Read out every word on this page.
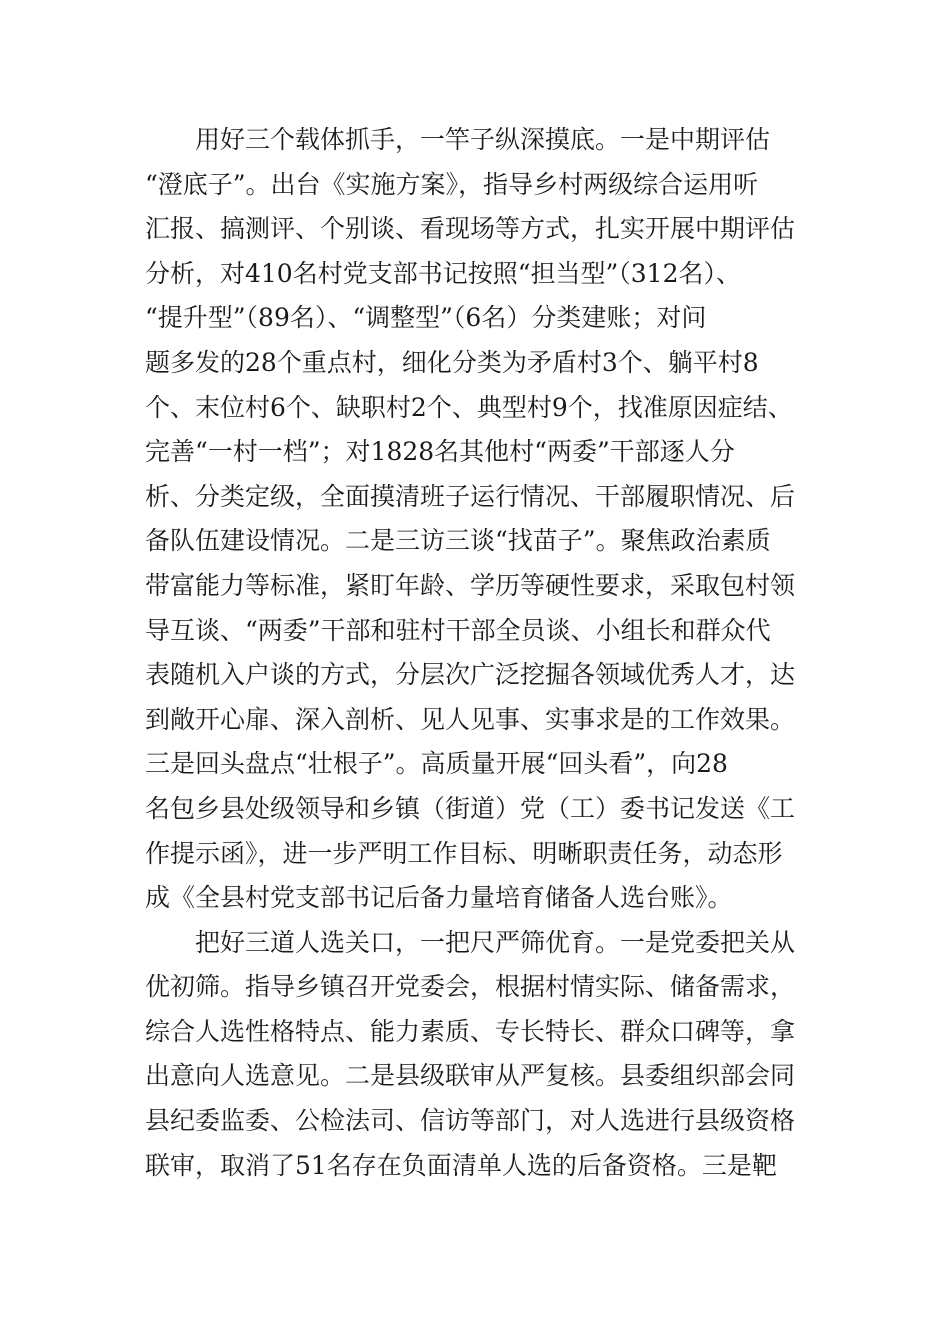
用好三个载体抓手，一竿子纵深摸底。一是中期评估
“澄底子”。出台《实施方案》，指导乡村两级综合运用听
汇报、搞测评、个别谈、看现场等方式，扎实开展中期评估
分析，对410名村党支部书记按照“担当型”（312名）、
“提升型”（89名）、“调整型”（6名）分类建账；对问
题多发的28个重点村，细化分类为矛盾村3个、躺平村8
个、末位村6个、缺职村2个、典型村9个，找准原因症结、
完善“一村一档”；对1828名其他村“两委”干部逐人分
析、分类定级，全面摸清班子运行情况、干部履职情况、后
备队伍建设情况。二是三访三谈“找苗子”。聚焦政治素质
带富能力等标准，紧盯年龄、学历等硬性要求，采取包村领
导互谈、“两委”干部和驻村干部全员谈、小组长和群众代
表随机入户谈的方式，分层次广泛挖掘各领域优秀人才，达
到敞开心扉、深入剖析、见人见事、实事求是的工作效果。
三是回头盘点“壮根子”。高质量开展“回头看”，向28
名包乡县处级领导和乡镇（街道）党（工）委书记发送《工
作提示函》，进一步严明工作目标、明晰职责任务，动态形
成《全县村党支部书记后备力量培育储备人选台账》。
把好三道人选关口，一把尺严筛优育。一是党委把关从
优初筛。指导乡镇召开党委会，根据村情实际、储备需求，
综合人选性格特点、能力素质、专长特长、群众口碑等，拿
出意向人选意见。二是县级联审从严复核。县委组织部会同
县纪委监委、公检法司、信访等部门，对人选进行县级资格
联审，取消了51名存在负面清单人选的后备资格。三是靶
